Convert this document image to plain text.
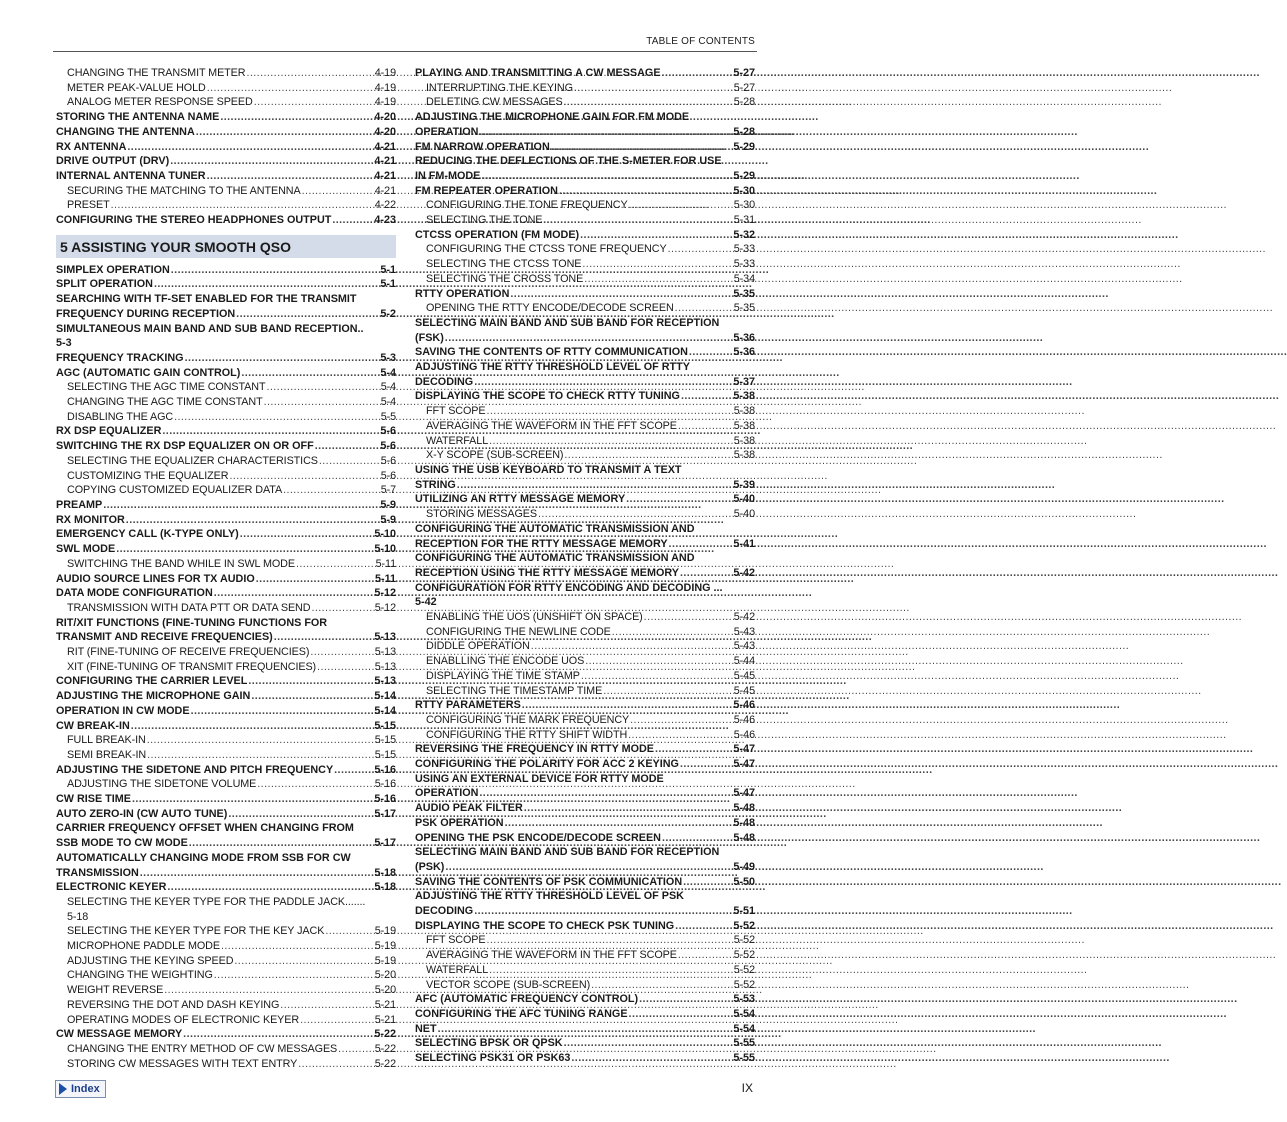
TABLE OF CONTENTS
CHANGING THE TRANSMIT METER .....	4-19
METER PEAK-VALUE HOLD .....	4-19
ANALOG METER RESPONSE SPEED .....	4-19
STORING THE ANTENNA NAME .....	4-20
CHANGING THE ANTENNA .....	4-20
RX ANTENNA .....	4-21
DRIVE OUTPUT (DRV) .....	4-21
INTERNAL ANTENNA TUNER .....	4-21
SECURING THE MATCHING TO THE ANTENNA .....	4-21
PRESET .....	4-22
CONFIGURING THE STEREO HEADPHONES OUTPUT .....	4-23
5 ASSISTING YOUR SMOOTH QSO
SIMPLEX OPERATION .....	5-1
SPLIT OPERATION .....	5-1
SEARCHING WITH TF-SET ENABLED FOR THE TRANSMIT
FREQUENCY DURING RECEPTION .....	5-2
SIMULTANEOUS MAIN BAND AND SUB BAND RECEPTION..
5-3
FREQUENCY TRACKING .....	5-3
AGC (AUTOMATIC GAIN CONTROL) .....	5-4
SELECTING THE AGC TIME CONSTANT .....	5-4
CHANGING THE AGC TIME CONSTANT .....	5-4
DISABLING THE AGC .....	5-5
RX DSP EQUALIZER .....	5-6
SWITCHING THE RX DSP EQUALIZER ON OR OFF .....	5-6
SELECTING THE EQUALIZER CHARACTERISTICS .....	5-6
CUSTOMIZING THE EQUALIZER .....	5-6
COPYING CUSTOMIZED EQUALIZER DATA .....	5-7
PREAMP .....	5-9
RX MONITOR .....	5-9
EMERGENCY CALL (K-TYPE ONLY) .....	5-10
SWL MODE .....	5-10
SWITCHING THE BAND WHILE IN SWL MODE .....	5-11
AUDIO SOURCE LINES FOR TX AUDIO .....	5-11
DATA MODE CONFIGURATION .....	5-12
TRANSMISSION WITH DATA PTT OR DATA SEND .....	5-12
RIT/XIT FUNCTIONS (FINE-TUNING FUNCTIONS FOR
TRANSMIT AND RECEIVE FREQUENCIES) .....	5-13
RIT (FINE-TUNING OF RECEIVE FREQUENCIES) .....	5-13
XIT (FINE-TUNING OF TRANSMIT FREQUENCIES) .....	5-13
CONFIGURING THE CARRIER LEVEL .....	5-13
ADJUSTING THE MICROPHONE GAIN .....	5-14
OPERATION IN CW MODE .....	5-14
CW BREAK-IN .....	5-15
FULL BREAK-IN .....	5-15
SEMI BREAK-IN .....	5-15
ADJUSTING THE SIDETONE AND PITCH FREQUENCY .....	5-16
ADJUSTING THE SIDETONE VOLUME .....	5-16
CW RISE TIME .....	5-16
AUTO ZERO-IN (CW AUTO TUNE) .....	5-17
CARRIER FREQUENCY OFFSET WHEN CHANGING FROM
SSB MODE TO CW MODE .....	5-17
AUTOMATICALLY CHANGING MODE FROM SSB FOR CW
TRANSMISSION .....	5-18
ELECTRONIC KEYER .....	5-18
SELECTING THE KEYER TYPE FOR THE PADDLE JACK.......
5-18
SELECTING THE KEYER TYPE FOR THE KEY JACK .....	5-19
MICROPHONE PADDLE MODE .....	5-19
ADJUSTING THE KEYING SPEED .....	5-19
CHANGING THE WEIGHTING .....	5-20
WEIGHT REVERSE .....	5-20
REVERSING THE DOT AND DASH KEYING .....	5-21
OPERATING MODES OF ELECTRONIC KEYER .....	5-21
CW MESSAGE MEMORY .....	5-22
CHANGING THE ENTRY METHOD OF CW MESSAGES .....	5-22
STORING CW MESSAGES WITH TEXT ENTRY .....	5-22
PLAYING AND TRANSMITTING A CW MESSAGE .....	5-27
INTERRUPTING THE KEYING .....	5-27
DELETING CW MESSAGES .....	5-28
ADJUSTING THE MICROPHONE GAIN FOR FM MODE
OPERATION .....	5-28
FM NARROW OPERATION .....	5-29
REDUCING THE DEFLECTIONS OF THE S-METER FOR USE
IN FM-MODE .....	5-29
FM REPEATER OPERATION .....	5-30
CONFIGURING THE TONE FREQUENCY .....	5-30
SELECTING THE TONE .....	5-31
CTCSS OPERATION (FM MODE) .....	5-32
CONFIGURING THE CTCSS TONE FREQUENCY .....	5-33
SELECTING THE CTCSS TONE .....	5-33
SELECTING THE CROSS TONE .....	5-34
RTTY OPERATION .....	5-35
OPENING THE RTTY ENCODE/DECODE SCREEN .....	5-35
SELECTING MAIN BAND AND SUB BAND FOR RECEPTION
(FSK) .....	5-36
SAVING THE CONTENTS OF RTTY COMMUNICATION .....	5-36
ADJUSTING THE RTTY THRESHOLD LEVEL OF RTTY
DECODING .....	5-37
DISPLAYING THE SCOPE TO CHECK RTTY TUNING .....	5-38
FFT SCOPE .....	5-38
AVERAGING THE WAVEFORM IN THE FFT SCOPE .....	5-38
WATERFALL .....	5-38
X-Y SCOPE (SUB-SCREEN) .....	5-38
USING THE USB KEYBOARD TO TRANSMIT A TEXT
STRING .....	5-39
UTILIZING AN RTTY MESSAGE MEMORY .....	5-40
STORING MESSAGES .....	5-40
CONFIGURING THE AUTOMATIC TRANSMISSION AND
RECEPTION FOR THE RTTY MESSAGE MEMORY .....	5-41
CONFIGURING THE AUTOMATIC TRANSMISSION AND
RECEPTION USING THE RTTY MESSAGE MEMORY .....	5-42
CONFIGURATION FOR RTTY ENCODING AND DECODING ...
5-42
ENABLING THE UOS (UNSHIFT ON SPACE) .....	5-42
CONFIGURING THE NEWLINE CODE .....	5-43
DIDDLE OPERATION .....	5-43
ENABLLING THE ENCODE UOS .....	5-44
DISPLAYING THE TIME STAMP .....	5-45
SELECTING THE TIMESTAMP TIME .....	5-45
RTTY PARAMETERS .....	5-46
CONFIGURING THE MARK FREQUENCY .....	5-46
CONFIGURING THE RTTY SHIFT WIDTH .....	5-46
REVERSING THE FREQUENCY IN RTTY MODE .....	5-47
CONFIGURING THE POLARITY FOR ACC 2 KEYING .....	5-47
USING AN EXTERNAL DEVICE FOR RTTY MODE
OPERATION .....	5-47
AUDIO PEAK FILTER .....	5-48
PSK OPERATION .....	5-48
OPENING THE PSK ENCODE/DECODE SCREEN .....	5-48
SELECTING MAIN BAND AND SUB BAND FOR RECEPTION
(PSK) .....	5-49
SAVING THE CONTENTS OF PSK COMMUNICATION .....	5-50
ADJUSTING THE RTTY THRESHOLD LEVEL OF PSK
DECODING .....	5-51
DISPLAYING THE SCOPE TO CHECK PSK TUNING .....	5-52
FFT SCOPE .....	5-52
AVERAGING THE WAVEFORM IN THE FFT SCOPE .....	5-52
WATERFALL .....	5-52
VECTOR SCOPE (SUB-SCREEN) .....	5-52
AFC (AUTOMATIC FREQUENCY CONTROL) .....	5-53
CONFIGURING THE AFC TUNING RANGE .....	5-54
NET .....	5-54
SELECTING BPSK OR QPSK .....	5-55
SELECTING PSK31 OR PSK63 .....	5-55
Index	IX
